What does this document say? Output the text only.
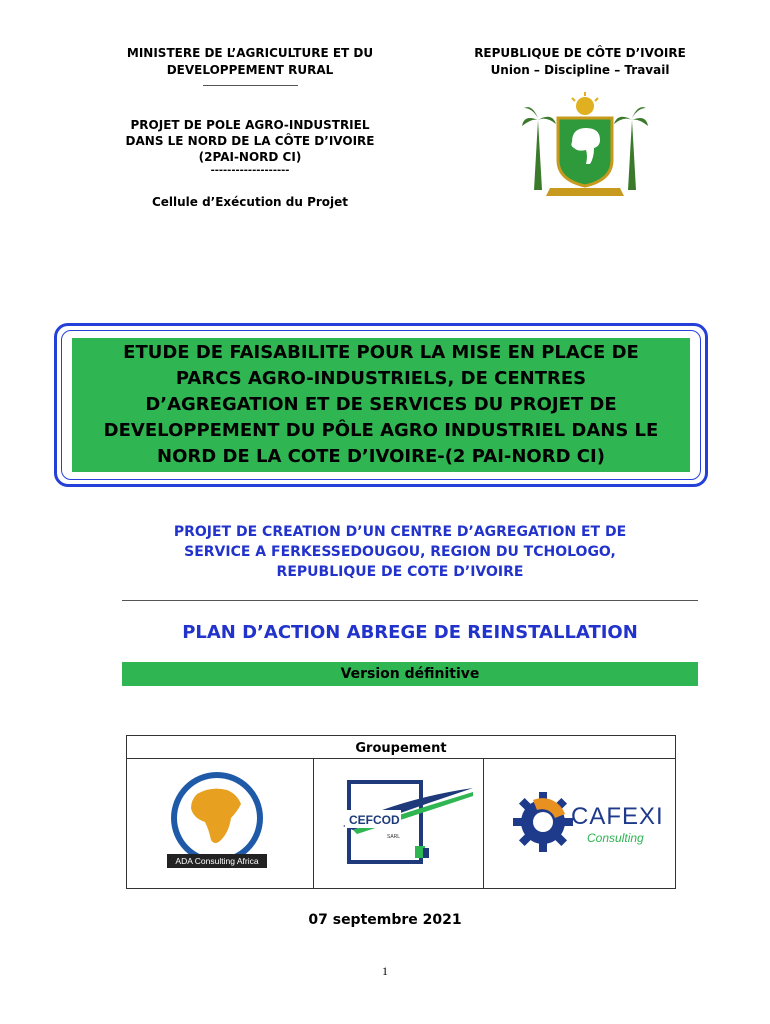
MINISTERE DE L’AGRICULTURE ET DU
DEVELOPPEMENT RURAL
REPUBLIQUE DE CÔTE D’IVOIRE
Union – Discipline – Travail
PROJET DE POLE AGRO-INDUSTRIEL
DANS LE NORD DE LA CÔTE D’IVOIRE
(2PAI-NORD CI)
-------------------
Cellule d’Exécution du Projet
ETUDE DE FAISABILITE POUR LA MISE EN PLACE DE
PARCS AGRO-INDUSTRIELS, DE CENTRES
D’AGREGATION ET DE SERVICES DU PROJET DE
DEVELOPPEMENT DU PÔLE AGRO INDUSTRIEL DANS LE
NORD DE LA COTE D’IVOIRE-(2 PAI-NORD CI)
PROJET DE CREATION D’UN CENTRE D’AGREGATION ET DE
SERVICE A FERKESSEDOUGOU, REGION DU TCHOLOGO,
REPUBLIQUE DE COTE D’IVOIRE
PLAN D’ACTION ABREGE DE REINSTALLATION
Version définitive
Groupement
ADA Consulting Africa
CEFCOD
SARL
CAFEXI
Consulting
07 septembre 2021
1
